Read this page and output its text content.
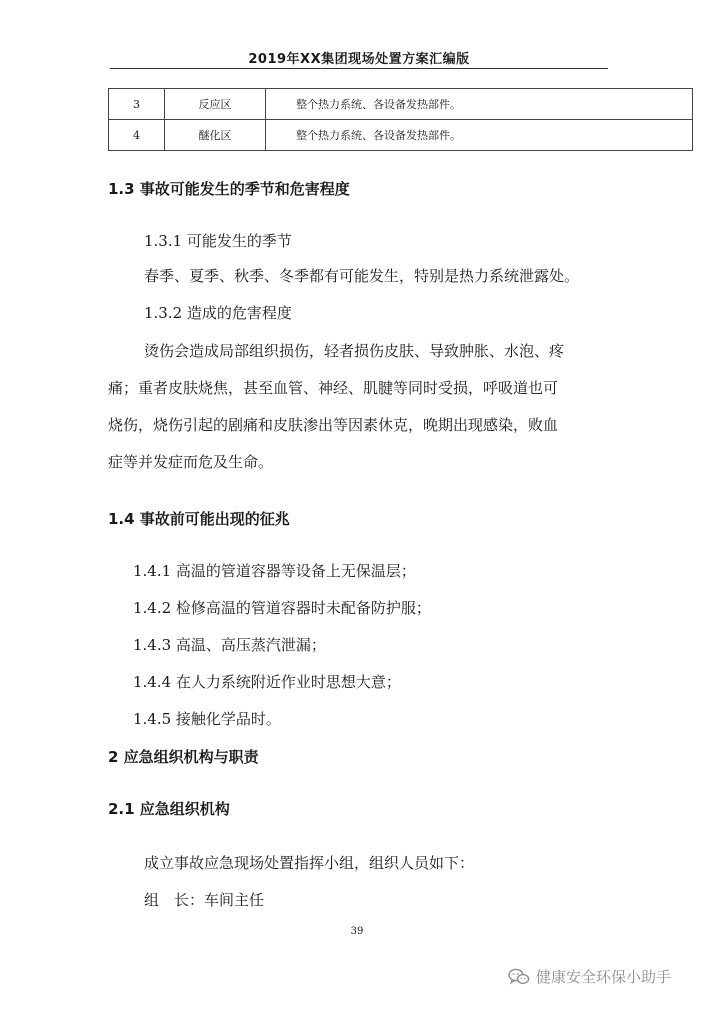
2019年XX集团现场处置方案汇编版
3	反应区	整个热力系统、各设备发热部件。
4	醚化区	整个热力系统、各设备发热部件。
1.3 事故可能发生的季节和危害程度
1.3.1 可能发生的季节
春季、夏季、秋季、冬季都有可能发生，特别是热力系统泄露处。
1.3.2 造成的危害程度
烫伤会造成局部组织损伤，轻者损伤皮肤、导致肿胀、水泡、疼
痛；重者皮肤烧焦，甚至血管、神经、肌腱等同时受损，呼吸道也可
烧伤，烧伤引起的剧痛和皮肤渗出等因素休克，晚期出现感染，败血
症等并发症而危及生命。
1.4 事故前可能出现的征兆
1.4.1 高温的管道容器等设备上无保温层；
1.4.2 检修高温的管道容器时未配备防护服；
1.4.3 高温、高压蒸汽泄漏；
1.4.4 在人力系统附近作业时思想大意；
1.4.5 接触化学品时。
2 应急组织机构与职责
2.1 应急组织机构
成立事故应急现场处置指挥小组，组织人员如下：
组　长：车间主任
39
健康安全环保小助手
